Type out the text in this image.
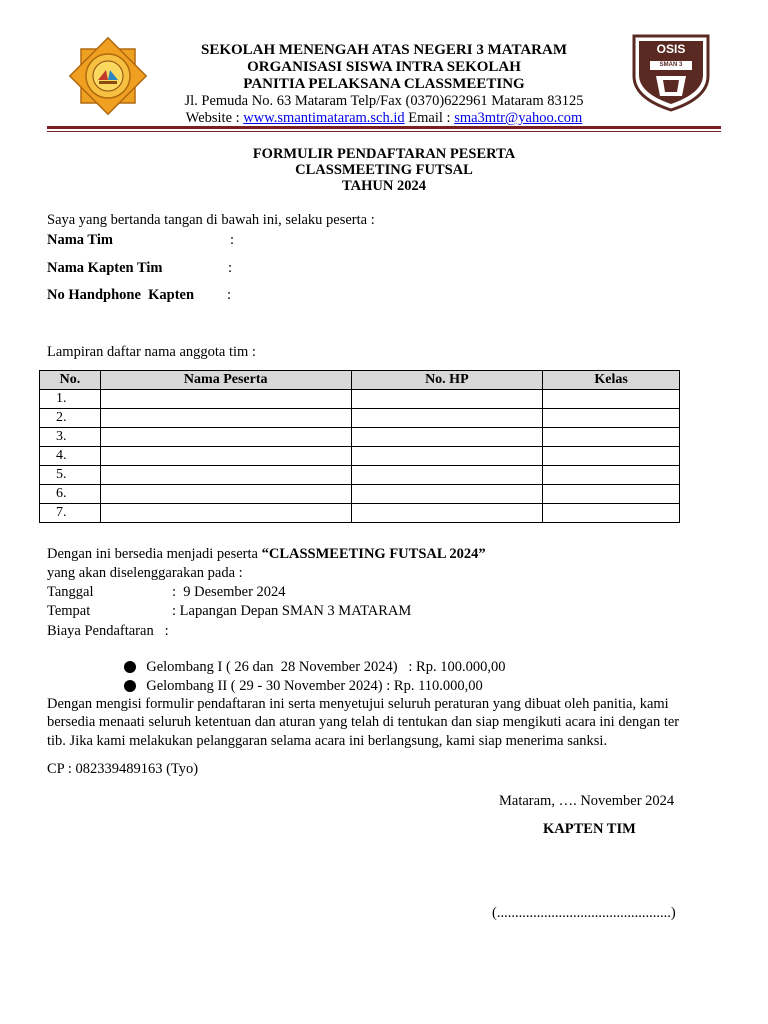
OSIS
SMAN 3 MATARAM
SEKOLAH MENENGAH ATAS NEGERI 3 MATARAM
ORGANISASI SISWA INTRA SEKOLAH
PANITIA PELAKSANA CLASSMEETING
Jl. Pemuda No. 63 Mataram Telp/Fax (0370)622961 Mataram 83125
Website : www.smantimataram.sch.id Email : sma3mtr@yahoo.com
FORMULIR PENDAFTARAN PESERTA
CLASSMEETING FUTSAL
TAHUN 2024
Saya yang bertanda tangan di bawah ini, selaku peserta :
Nama Tim	:
Nama Kapten Tim	:
No Handphone  Kapten :
Lampiran daftar nama anggota tim :
No.	Nama Peserta	No. HP	Kelas
1.			
2.			
3.			
4.			
5.			
6.			
7.			
Dengan ini bersedia menjadi peserta “CLASSMEETING FUTSAL 2024”
yang akan diselenggarakan pada :
Tanggal	:  9 Desember 2024
Tempat	: Lapangan Depan SMAN 3 MATARAM
Biaya Pendaftaran   :

Gelombang I ( 26 dan  28 November 2024)   : Rp. 100.000,00

Gelombang II ( 29 - 30 November 2024) : Rp. 110.000,00

Dengan mengisi formulir pendaftaran ini serta menyetujui seluruh peraturan yang dibuat oleh panitia, kami
bersedia menaati seluruh ketentuan dan aturan yang telah di tentukan dan siap mengikuti acara ini dengan ter
tib. Jika kami melakukan pelanggaran selama acara ini berlangsung, kami siap menerima sanksi.
CP : 082339489163 (Tyo)
Mataram, …. November 2024
KAPTEN TIM
(................................................)
